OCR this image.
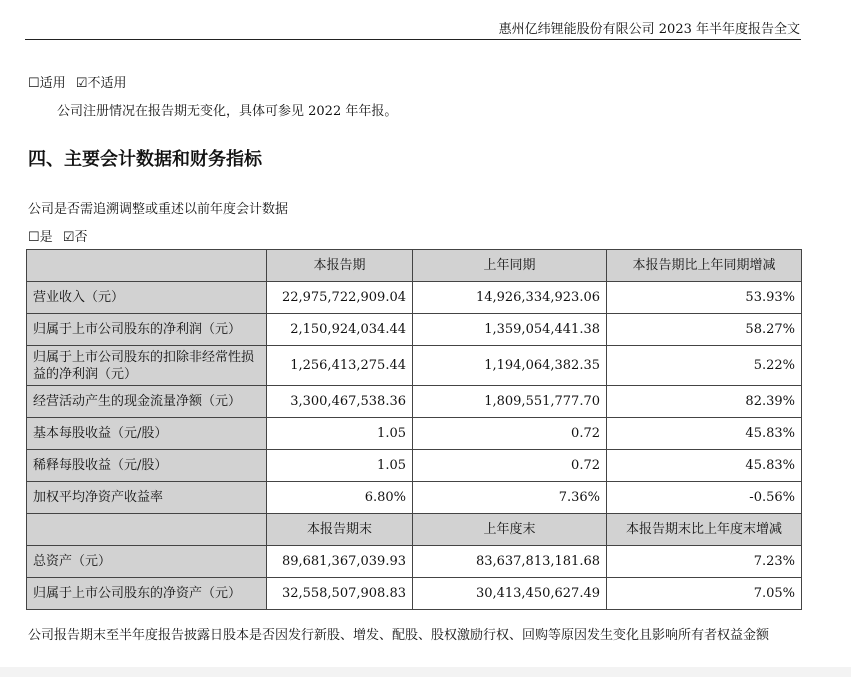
惠州亿纬锂能股份有限公司 2023 年半年度报告全文
☐适用 ☑不适用
公司注册情况在报告期无变化，具体可参见 2022 年年报。
四、主要会计数据和财务指标
公司是否需追溯调整或重述以前年度会计数据
☐是 ☑否
	本报告期	上年同期	本报告期比上年同期增减
营业收入（元）	22,975,722,909.04	14,926,334,923.06	53.93%
归属于上市公司股东的净利润（元）	2,150,924,034.44	1,359,054,441.38	58.27%
归属于上市公司股东的扣除非经常性损益的净利润（元）	1,256,413,275.44	1,194,064,382.35	5.22%
经营活动产生的现金流量净额（元）	3,300,467,538.36	1,809,551,777.70	82.39%
基本每股收益（元/股）	1.05	0.72	45.83%
稀释每股收益（元/股）	1.05	0.72	45.83%
加权平均净资产收益率	6.80%	7.36%	-0.56%
	本报告期末	上年度末	本报告期末比上年度末增减
总资产（元）	89,681,367,039.93	83,637,813,181.68	7.23%
归属于上市公司股东的净资产（元）	32,558,507,908.83	30,413,450,627.49	7.05%
公司报告期末至半年度报告披露日股本是否因发行新股、增发、配股、股权激励行权、回购等原因发生变化且影响所有者权益金额
